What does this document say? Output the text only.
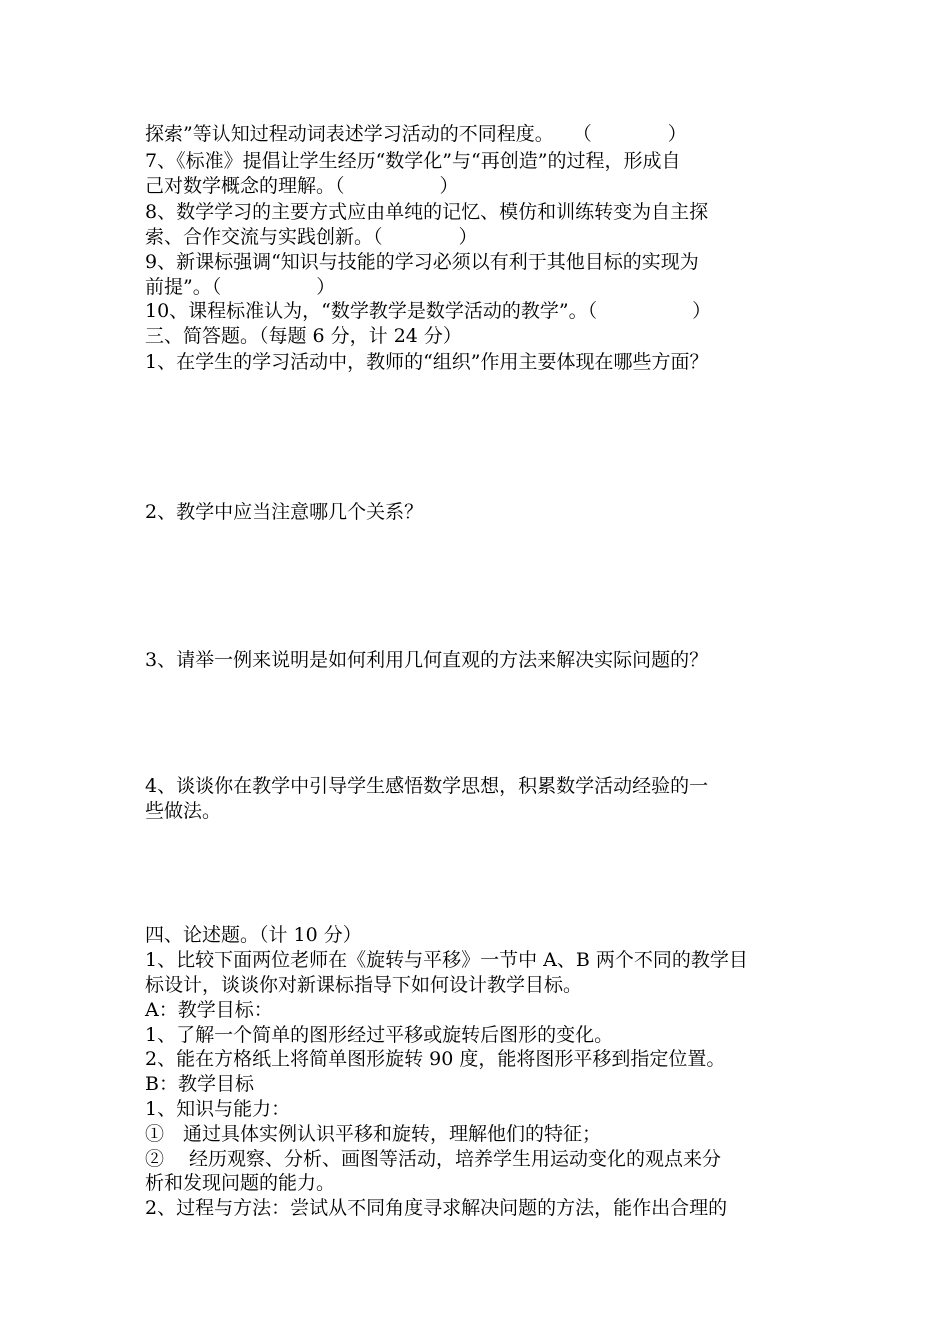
探索”等认知过程动词表述学习活动的不同程度。　　（　　　　）
7、《标准》提倡让学生经历“数学化”与“再创造”的过程，形成自
己对数学概念的理解。（　　　　　）
8、数学学习的主要方式应由单纯的记忆、模仿和训练转变为自主探
索、合作交流与实践创新。（　　　　）
9、新课标强调“知识与技能的学习必须以有利于其他目标的实现为
前提”。（　　　　　）
10、课程标准认为，“数学教学是数学活动的教学”。（　　　　　）
三、简答题。（每题 6 分，计 24 分）
1、在学生的学习活动中，教师的“组织”作用主要体现在哪些方面？
2、教学中应当注意哪几个关系？
3、请举一例来说明是如何利用几何直观的方法来解决实际问题的？
4、谈谈你在教学中引导学生感悟数学思想，积累数学活动经验的一
些做法。
四、论述题。（计 10 分）
1、比较下面两位老师在《旋转与平移》一节中 A、B 两个不同的教学目
标设计，谈谈你对新课标指导下如何设计教学目标。
A：教学目标：
1、了解一个简单的图形经过平移或旋转后图形的变化。
2、能在方格纸上将简单图形旋转 90 度，能将图形平移到指定位置。
B：教学目标
1、知识与能力：
①　通过具体实例认识平移和旋转，理解他们的特征；
②　 经历观察、分析、画图等活动，培养学生用运动变化的观点来分
析和发现问题的能力。
2、过程与方法：尝试从不同角度寻求解决问题的方法，能作出合理的
